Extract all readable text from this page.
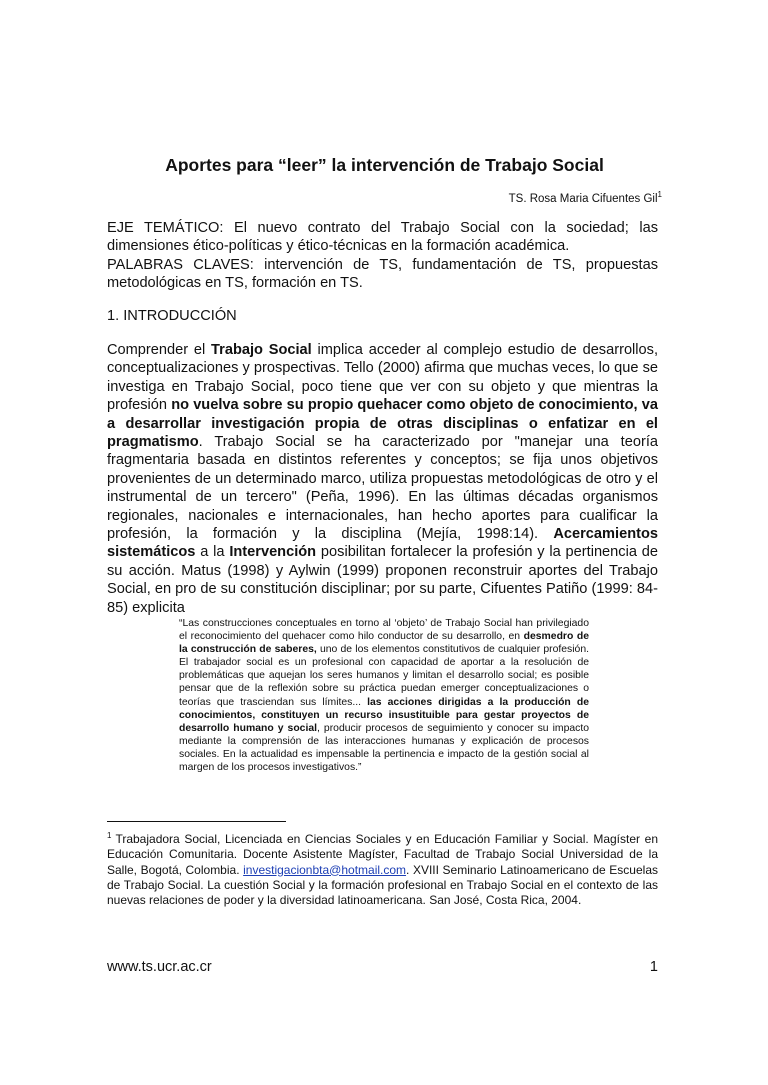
Aportes para “leer” la intervención de Trabajo Social
TS. Rosa Maria Cifuentes Gil$^1$
EJE TEMÁTICO: El nuevo contrato del Trabajo Social con la sociedad; las dimensiones ético-políticas y ético-técnicas en la formación académica.
PALABRAS CLAVES: intervención de TS, fundamentación de TS, propuestas metodológicas en TS, formación en TS.
1. INTRODUCCIÓN
Comprender el Trabajo Social implica acceder al complejo estudio de desarrollos, conceptualizaciones y prospectivas. Tello (2000) afirma que muchas veces, lo que se investiga en Trabajo Social, poco tiene que ver con su objeto y que mientras la profesión no vuelva sobre su propio quehacer como objeto de conocimiento, va a desarrollar investigación propia de otras disciplinas o enfatizar en el pragmatismo. Trabajo Social se ha caracterizado por "manejar una teoría fragmentaria basada en distintos referentes y conceptos; se fija unos objetivos provenientes de un determinado marco, utiliza propuestas metodológicas de otro y el instrumental de un tercero" (Peña, 1996). En las últimas décadas organismos regionales, nacionales e internacionales, han hecho aportes para cualificar la profesión, la formación y la disciplina (Mejía, 1998:14). Acercamientos sistemáticos a la Intervención posibilitan fortalecer la profesión y la pertinencia de su acción. Matus (1998) y Aylwin (1999) proponen reconstruir aportes del Trabajo Social, en pro de su constitución disciplinar; por su parte, Cifuentes Patiño (1999: 84-85) explicita
“Las construcciones conceptuales en torno al ‘objeto’ de Trabajo Social han privilegiado el reconocimiento del quehacer como hilo conductor de su desarrollo, en desmedro de la construcción de saberes, uno de los elementos constitutivos de cualquier profesión. El trabajador social es un profesional con capacidad de aportar a la resolución de problemáticas que aquejan los seres humanos y limitan el desarrollo social; es posible pensar que de la reflexión sobre su práctica puedan emerger conceptualizaciones o teorías que trasciendan sus límites... las acciones dirigidas a la producción de conocimientos, constituyen un recurso insustituible para gestar proyectos de desarrollo humano y social, producir procesos de seguimiento y conocer su impacto mediante la comprensión de las interacciones humanas y explicación de procesos sociales. En la actualidad es impensable la pertinencia e impacto de la gestión social al margen de los procesos investigativos.”
$^1$ Trabajadora Social, Licenciada en Ciencias Sociales y en Educación Familiar y Social. Magíster en Educación Comunitaria. Docente Asistente Magíster, Facultad de Trabajo Social Universidad de la Salle, Bogotá, Colombia. investigacionbta@hotmail.com. XVIII Seminario Latinoamericano de Escuelas de Trabajo Social. La cuestión Social y la formación profesional en Trabajo Social en el contexto de las nuevas relaciones de poder y la diversidad latinoamericana. San José, Costa Rica, 2004.
www.ts.ucr.ac.cr	1
